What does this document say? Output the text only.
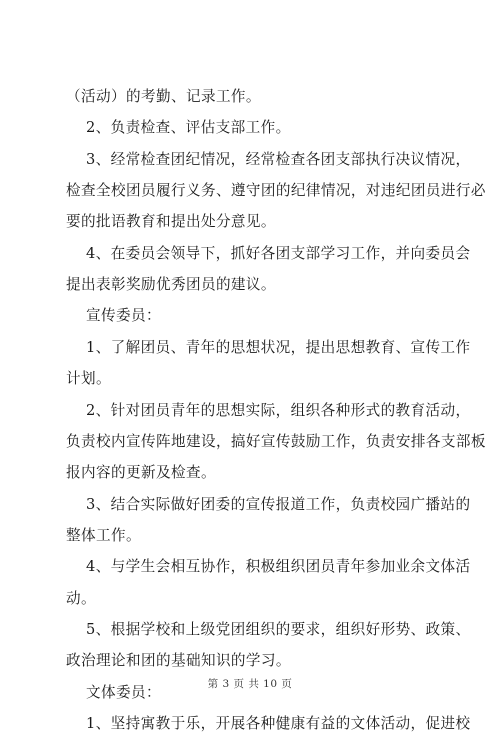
（活动）的考勤、记录工作。
2、负责检查、评估支部工作。
3、经常检查团纪情况，经常检查各团支部执行决议情况，
检查全校团员履行义务、遵守团的纪律情况，对违纪团员进行必
要的批语教育和提出处分意见。
4、在委员会领导下，抓好各团支部学习工作，并向委员会
提出表彰奖励优秀团员的建议。
宣传委员：
1、了解团员、青年的思想状况，提出思想教育、宣传工作
计划。
2、针对团员青年的思想实际，组织各种形式的教育活动，
负责校内宣传阵地建设，搞好宣传鼓励工作，负责安排各支部板
报内容的更新及检查。
3、结合实际做好团委的宣传报道工作，负责校园广播站的
整体工作。
4、与学生会相互协作，积极组织团员青年参加业余文体活
动。
5、根据学校和上级党团组织的要求，组织好形势、政策、
政治理论和团的基础知识的学习。
文体委员：
1、坚持寓教于乐，开展各种健康有益的文体活动，促进校
第 3 页 共 10 页
